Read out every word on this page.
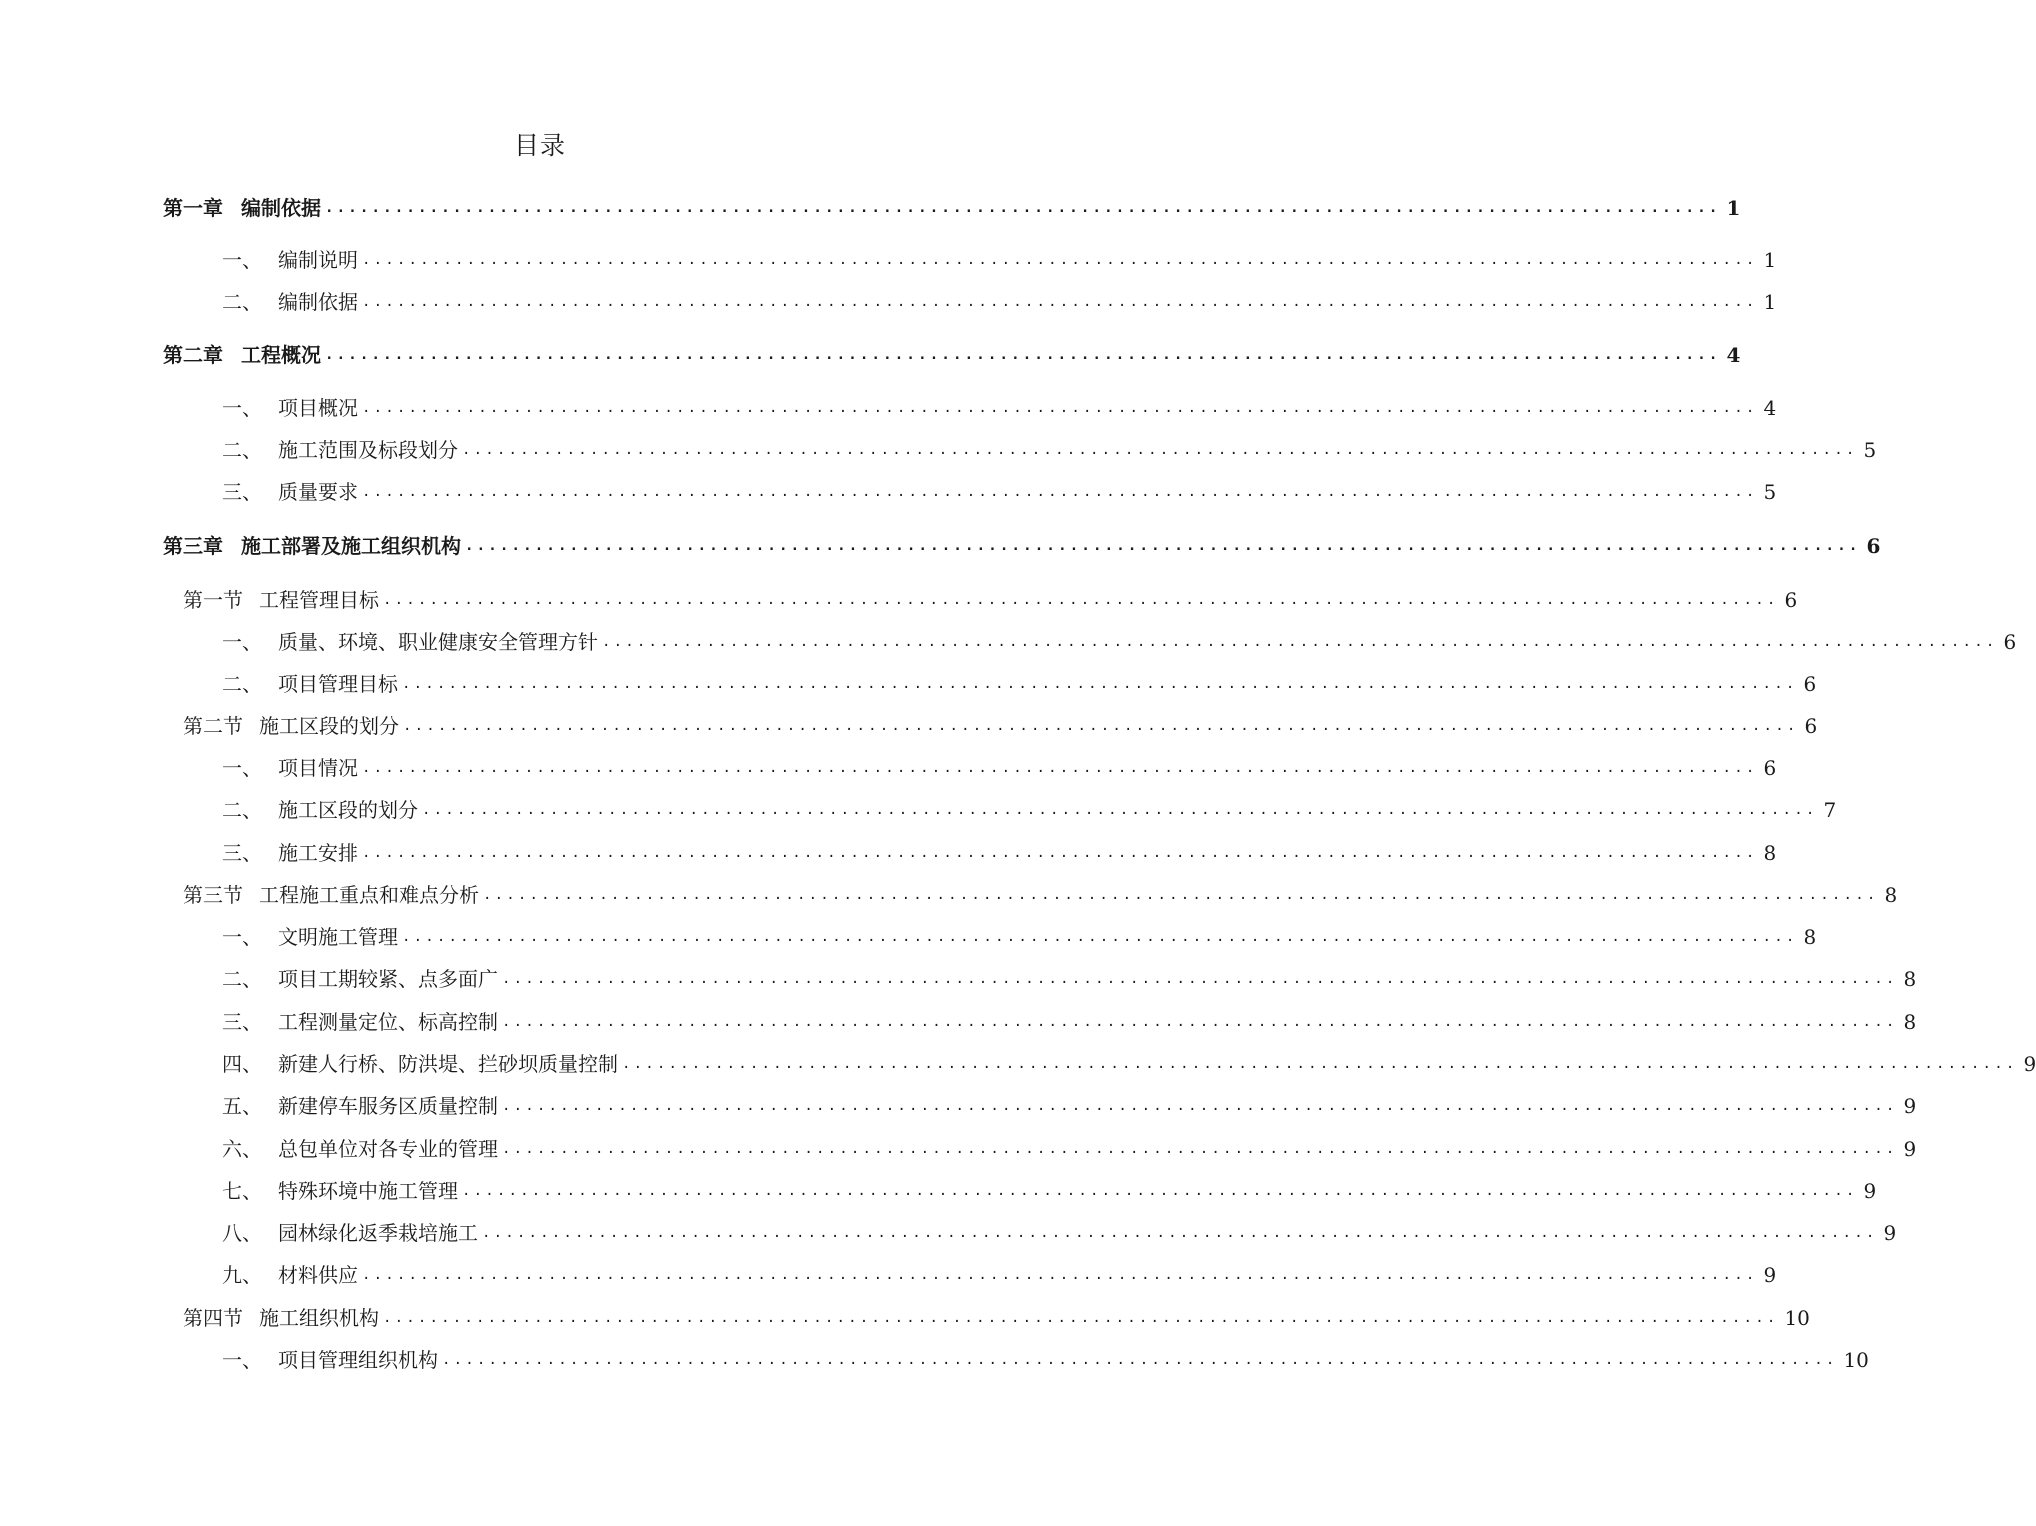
目录
第一章 编制依据 ........................................................................................................................ 1
一、 编制说明 ........................................................................................................................ 1
二、 编制依据 ........................................................................................................................ 1
第二章 工程概况 ........................................................................................................................ 4
一、 项目概况 ........................................................................................................................ 4
二、 施工范围及标段划分 ........................................................................................................................ 5
三、 质量要求 ........................................................................................................................ 5
第三章 施工部署及施工组织机构 ........................................................................................................................ 6
第一节 工程管理目标 ........................................................................................................................ 6
一、 质量、环境、职业健康安全管理方针 ........................................................................................................................ 6
二、 项目管理目标 ........................................................................................................................ 6
第二节 施工区段的划分 ........................................................................................................................ 6
一、 项目情况 ........................................................................................................................ 6
二、 施工区段的划分 ........................................................................................................................ 7
三、 施工安排 ........................................................................................................................ 8
第三节 工程施工重点和难点分析 ........................................................................................................................ 8
一、 文明施工管理 ........................................................................................................................ 8
二、 项目工期较紧、点多面广 ........................................................................................................................ 8
三、 工程测量定位、标高控制 ........................................................................................................................ 8
四、 新建人行桥、防洪堤、拦砂坝质量控制 ........................................................................................................................ 9
五、 新建停车服务区质量控制 ........................................................................................................................ 9
六、 总包单位对各专业的管理 ........................................................................................................................ 9
七、 特殊环境中施工管理 ........................................................................................................................ 9
八、 园林绿化返季栽培施工 ........................................................................................................................ 9
九、 材料供应 ........................................................................................................................ 9
第四节 施工组织机构 ........................................................................................................................ 10
一、 项目管理组织机构 ........................................................................................................................ 10
